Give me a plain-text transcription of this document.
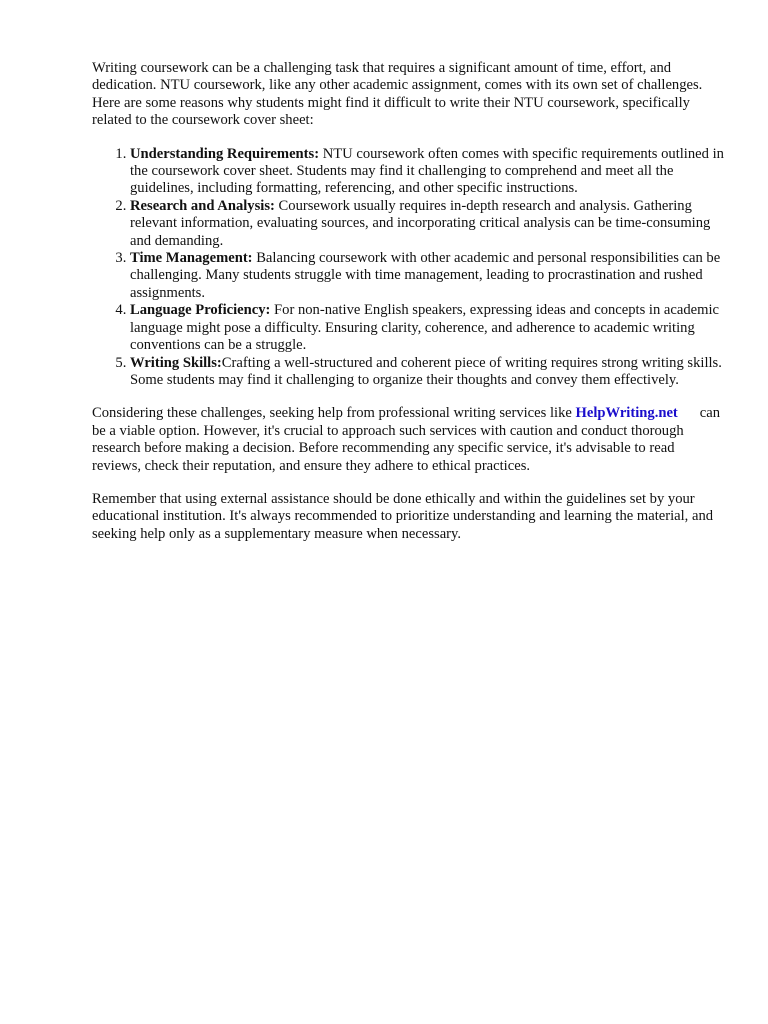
Writing coursework can be a challenging task that requires a significant amount of time, effort, and dedication. NTU coursework, like any other academic assignment, comes with its own set of challenges. Here are some reasons why students might find it difficult to write their NTU coursework, specifically related to the coursework cover sheet:

1. Understanding Requirements: NTU coursework often comes with specific requirements outlined in the coursework cover sheet. Students may find it challenging to comprehend and meet all the guidelines, including formatting, referencing, and other specific instructions.
2. Research and Analysis: Coursework usually requires in-depth research and analysis. Gathering relevant information, evaluating sources, and incorporating critical analysis can be time-consuming and demanding.
3. Time Management: Balancing coursework with other academic and personal responsibilities can be challenging. Many students struggle with time management, leading to procrastination and rushed assignments.
4. Language Proficiency: For non-native English speakers, expressing ideas and concepts in academic language might pose a difficulty. Ensuring clarity, coherence, and adherence to academic writing conventions can be a struggle.
5. Writing Skills:Crafting a well-structured and coherent piece of writing requires strong writing skills. Some students may find it challenging to organize their thoughts and convey them effectively.

Considering these challenges, seeking help from professional writing services like HelpWriting.net can be a viable option. However, it's crucial to approach such services with caution and conduct thorough research before making a decision. Before recommending any specific service, it's advisable to read reviews, check their reputation, and ensure they adhere to ethical practices.

Remember that using external assistance should be done ethically and within the guidelines set by your educational institution. It's always recommended to prioritize understanding and learning the material, and seeking help only as a supplementary measure when necessary.
